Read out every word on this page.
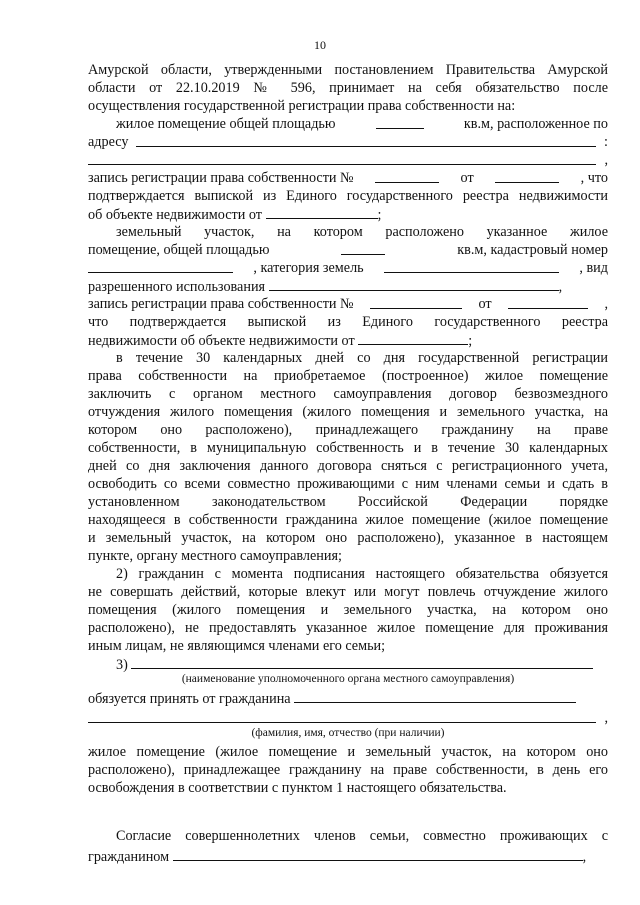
10
Амурской области, утвержденными постановлением Правительства Амурской
области от 22.10.2019 № 596, принимает на себя обязательство после
осуществления государственной регистрации права собственности на:
жилое помещение общей площадью	кв.м, расположенное по
адресу	:
,
запись регистрации права собственности №	от	, что
подтверждается выпиской из Единого государственного реестра недвижимости
об объекте недвижимости от	;
земельный участок, на котором расположено указанное жилое
помещение, общей площадью	кв.м, кадастровый номер
, категория земель	, вид
разрешенного использования	,
запись регистрации права собственности №	от	,
что подтверждается выпиской из Единого государственного реестра
недвижимости об объекте недвижимости от	;
в течение 30 календарных дней со дня государственной регистрации
права собственности на приобретаемое (построенное) жилое помещение
заключить с органом местного самоуправления договор безвозмездного
отчуждения жилого помещения (жилого помещения и земельного участка, на
котором оно расположено), принадлежащего гражданину на праве
собственности, в муниципальную собственность и в течение 30 календарных
дней со дня заключения данного договора сняться с регистрационного учета,
освободить со всеми совместно проживающими с ним членами семьи и сдать в
установленном законодательством Российской Федерации порядке
находящееся в собственности гражданина жилое помещение (жилое помещение
и земельный участок, на котором оно расположено), указанное в настоящем
пункте, органу местного самоуправления;
2) гражданин с момента подписания настоящего обязательства обязуется
не совершать действий, которые влекут или могут повлечь отчуждение жилого
помещения (жилого помещения и земельного участка, на котором оно
расположено), не предоставлять указанное жилое помещение для проживания
иным лицам, не являющимся членами его семьи;
3)
(наименование уполномоченного органа местного самоуправления)
обязуется принять от гражданина
,
(фамилия, имя, отчество (при наличии)
жилое помещение (жилое помещение и земельный участок, на котором оно
расположено), принадлежащее гражданину на праве собственности, в день его
освобождения в соответствии с пунктом 1 настоящего обязательства.
Согласие совершеннолетних членов семьи, совместно проживающих с
гражданином	,
